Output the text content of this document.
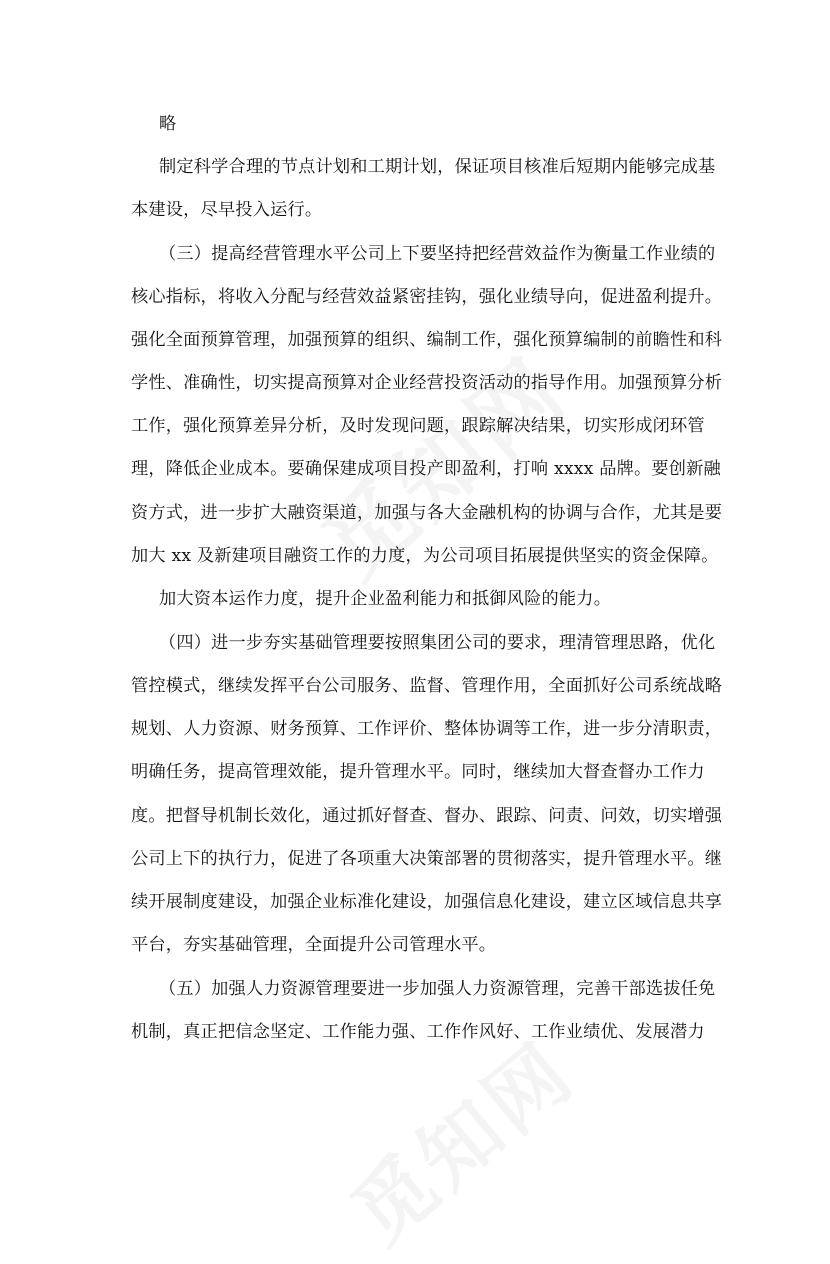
略
制定科学合理的节点计划和工期计划，保证项目核准后短期内能够完成基
本建设，尽早投入运行。
（三）提高经营管理水平公司上下要坚持把经营效益作为衡量工作业绩的
核心指标，将收入分配与经营效益紧密挂钩，强化业绩导向，促进盈利提升。
强化全面预算管理，加强预算的组织、编制工作，强化预算编制的前瞻性和科
学性、准确性，切实提高预算对企业经营投资活动的指导作用。加强预算分析
工作，强化预算差异分析，及时发现问题，跟踪解决结果，切实形成闭环管
理，降低企业成本。要确保建成项目投产即盈利，打响 xxxx 品牌。要创新融
资方式，进一步扩大融资渠道，加强与各大金融机构的协调与合作，尤其是要
加大 xx 及新建项目融资工作的力度，为公司项目拓展提供坚实的资金保障。
加大资本运作力度，提升企业盈利能力和抵御风险的能力。
（四）进一步夯实基础管理要按照集团公司的要求，理清管理思路，优化
管控模式，继续发挥平台公司服务、监督、管理作用，全面抓好公司系统战略
规划、人力资源、财务预算、工作评价、整体协调等工作，进一步分清职责，
明确任务，提高管理效能，提升管理水平。同时，继续加大督查督办工作力
度。把督导机制长效化，通过抓好督查、督办、跟踪、问责、问效，切实增强
公司上下的执行力，促进了各项重大决策部署的贯彻落实，提升管理水平。继
续开展制度建设，加强企业标准化建设，加强信息化建设，建立区域信息共享
平台，夯实基础管理，全面提升公司管理水平。
（五）加强人力资源管理要进一步加强人力资源管理，完善干部选拔任免
机制，真正把信念坚定、工作能力强、工作作风好、工作业绩优、发展潜力
